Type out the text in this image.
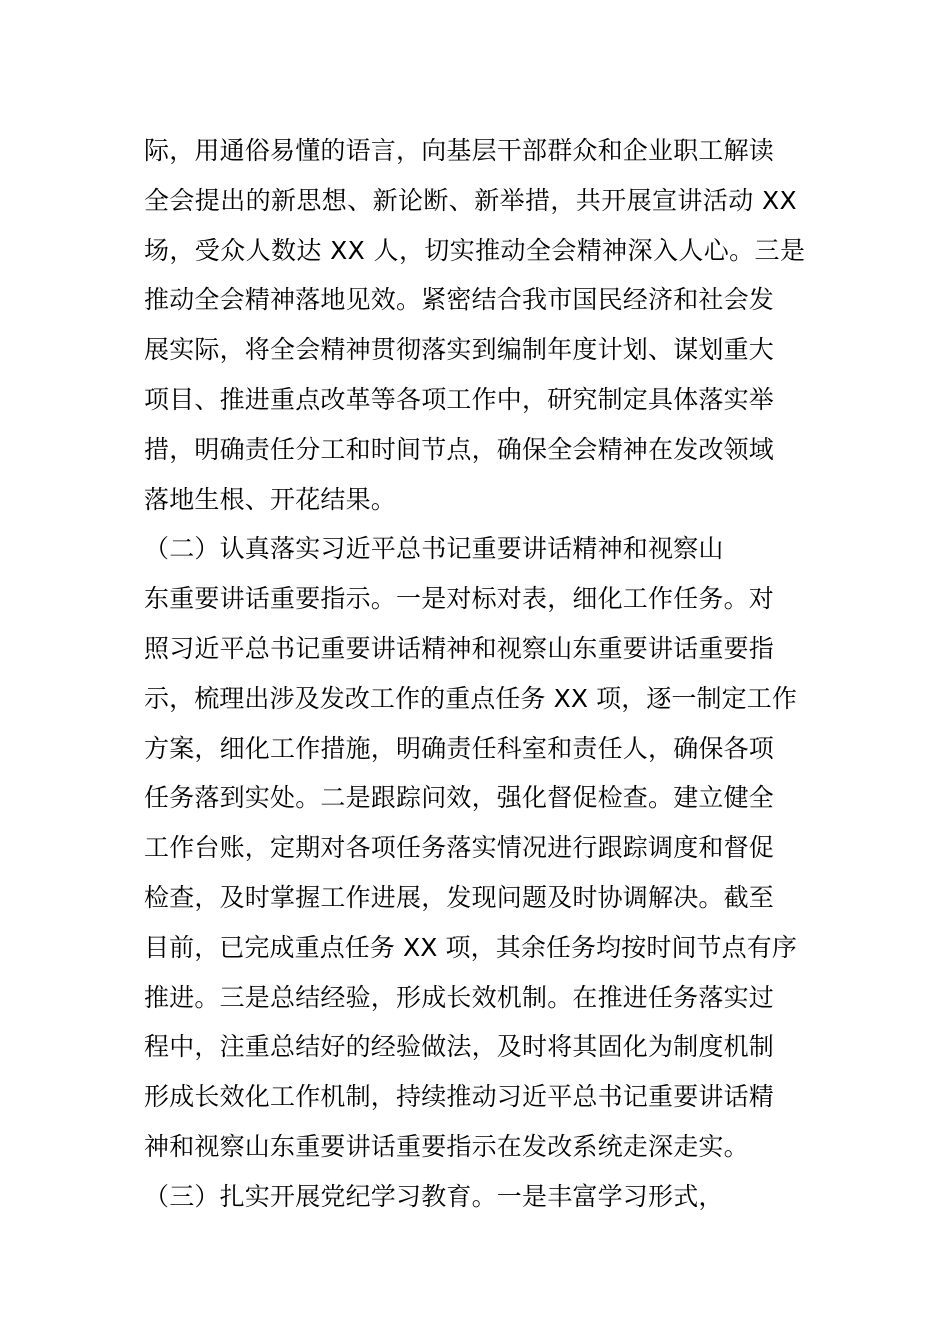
际，用通俗易懂的语言，向基层干部群众和企业职工解读
全会提出的新思想、新论断、新举措，共开展宣讲活动 XX
场，受众人数达 XX 人，切实推动全会精神深入人心。三是
推动全会精神落地见效。紧密结合我市国民经济和社会发
展实际，将全会精神贯彻落实到编制年度计划、谋划重大
项目、推进重点改革等各项工作中，研究制定具体落实举
措，明确责任分工和时间节点，确保全会精神在发改领域
落地生根、开花结果。
（二）认真落实习近平总书记重要讲话精神和视察山
东重要讲话重要指示。一是对标对表，细化工作任务。对
照习近平总书记重要讲话精神和视察山东重要讲话重要指
示，梳理出涉及发改工作的重点任务 XX 项，逐一制定工作
方案，细化工作措施，明确责任科室和责任人，确保各项
任务落到实处。二是跟踪问效，强化督促检查。建立健全
工作台账，定期对各项任务落实情况进行跟踪调度和督促
检查，及时掌握工作进展，发现问题及时协调解决。截至
目前，已完成重点任务 XX 项，其余任务均按时间节点有序
推进。三是总结经验，形成长效机制。在推进任务落实过
程中，注重总结好的经验做法，及时将其固化为制度机制
形成长效化工作机制，持续推动习近平总书记重要讲话精
神和视察山东重要讲话重要指示在发改系统走深走实。
（三）扎实开展党纪学习教育。一是丰富学习形式，
